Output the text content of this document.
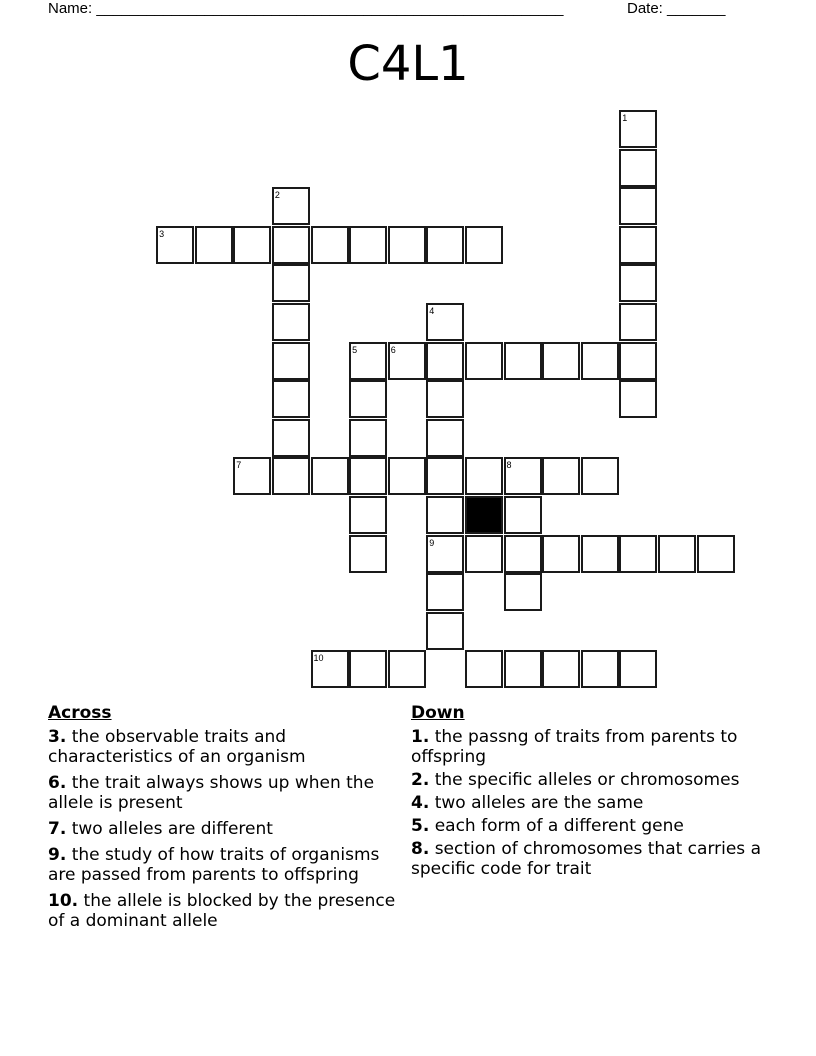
Name: ________________________________________________________	Date: _______
C4L1
1
2
3
4
5	6
7	8
9
10
Across
3. the observable traits and characteristics of an organism
6. the trait always shows up when the allele is present
7. two alleles are different
9. the study of how traits of organisms are passed from parents to offspring
10. the allele is blocked by the presence of a dominant allele
Down
1. the passng of traits from parents to offspring
2. the specific alleles or chromosomes
4. two alleles are the same
5. each form of a different gene
8. section of chromosomes that carries a specific code for trait
